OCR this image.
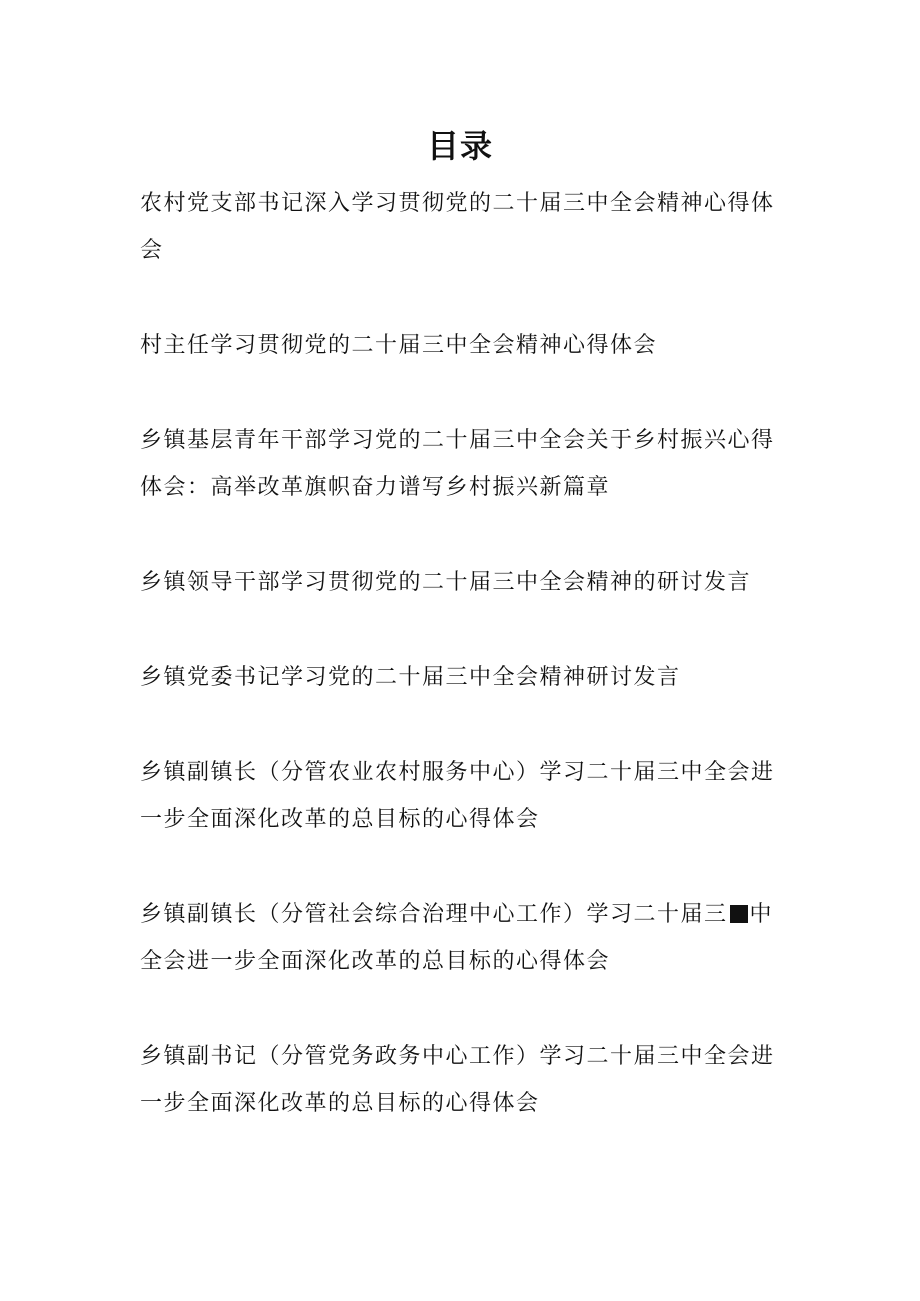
目录
农村党支部书记深入学习贯彻党的二十届三中全会精神心得体会
村主任学习贯彻党的二十届三中全会精神心得体会
乡镇基层青年干部学习党的二十届三中全会关于乡村振兴心得体会：高举改革旗帜奋力谱写乡村振兴新篇章
乡镇领导干部学习贯彻党的二十届三中全会精神的研讨发言
乡镇党委书记学习党的二十届三中全会精神研讨发言
乡镇副镇长（分管农业农村服务中心）学习二十届三中全会进一步全面深化改革的总目标的心得体会
乡镇副镇长（分管社会综合治理中心工作）学习二十届三 中全会进一步全面深化改革的总目标的心得体会
乡镇副书记（分管党务政务中心工作）学习二十届三中全会进一步全面深化改革的总目标的心得体会
